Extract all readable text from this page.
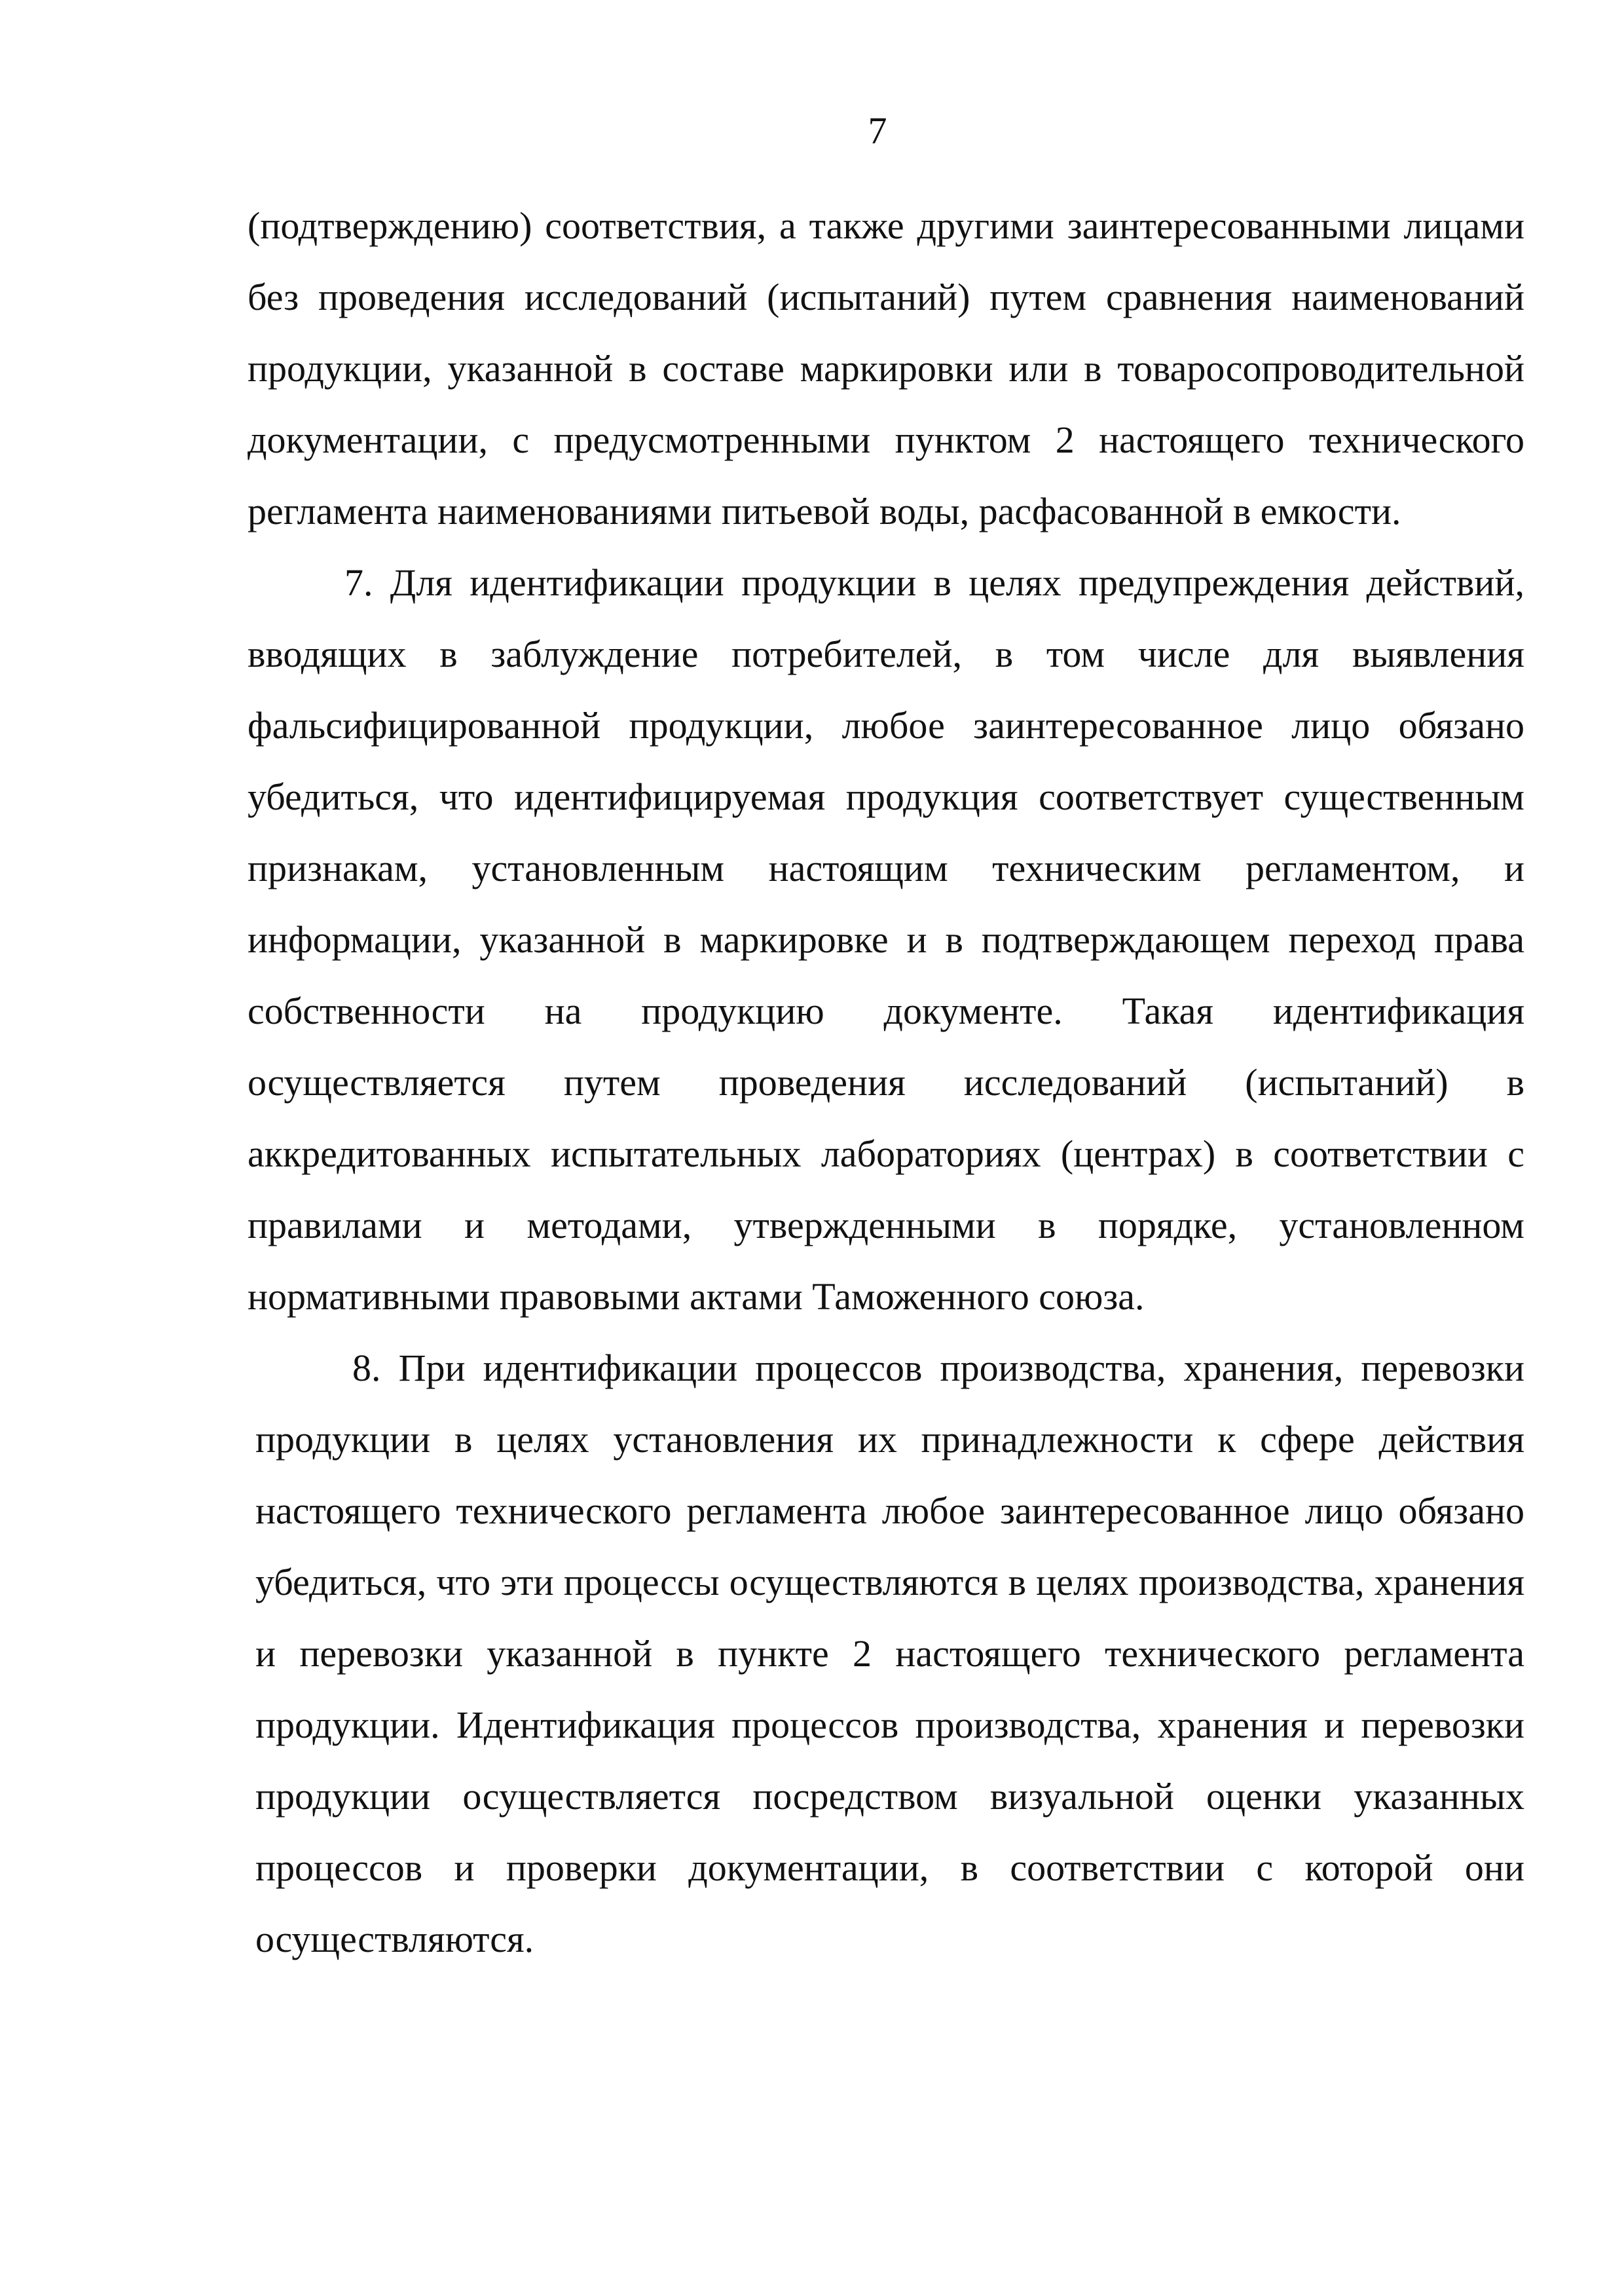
7

(подтверждению) соответствия, а также другими заинтересованными лицами без проведения исследований (испытаний) путем сравнения наименований продукции, указанной в составе маркировки или в товаросопроводительной документации, с предусмотренными пунктом 2 настоящего технического регламента наименованиями питьевой воды, расфасованной в емкости.

7. Для идентификации продукции в целях предупреждения действий, вводящих в заблуждение потребителей, в том числе для выявления фальсифицированной продукции, любое заинтересованное лицо обязано убедиться, что идентифицируемая продукция соответствует существенным признакам, установленным настоящим техническим регламентом, и информации, указанной в маркировке и в подтверждающем переход права собственности на продукцию документе. Такая идентификация осуществляется путем проведения исследований (испытаний) в аккредитованных испытательных лабораториях (центрах) в соответствии с правилами и методами, утвержденными в порядке, установленном нормативными правовыми актами Таможенного союза.

8. При идентификации процессов производства, хранения, перевозки продукции в целях установления их принадлежности к сфере действия настоящего технического регламента любое заинтересованное лицо обязано убедиться, что эти процессы осуществляются в целях производства, хранения и перевозки указанной в пункте 2 настоящего технического регламента продукции. Идентификация процессов производства, хранения и перевозки продукции осуществляется посредством визуальной оценки указанных процессов и проверки документации, в соответствии с которой они осуществляются.
